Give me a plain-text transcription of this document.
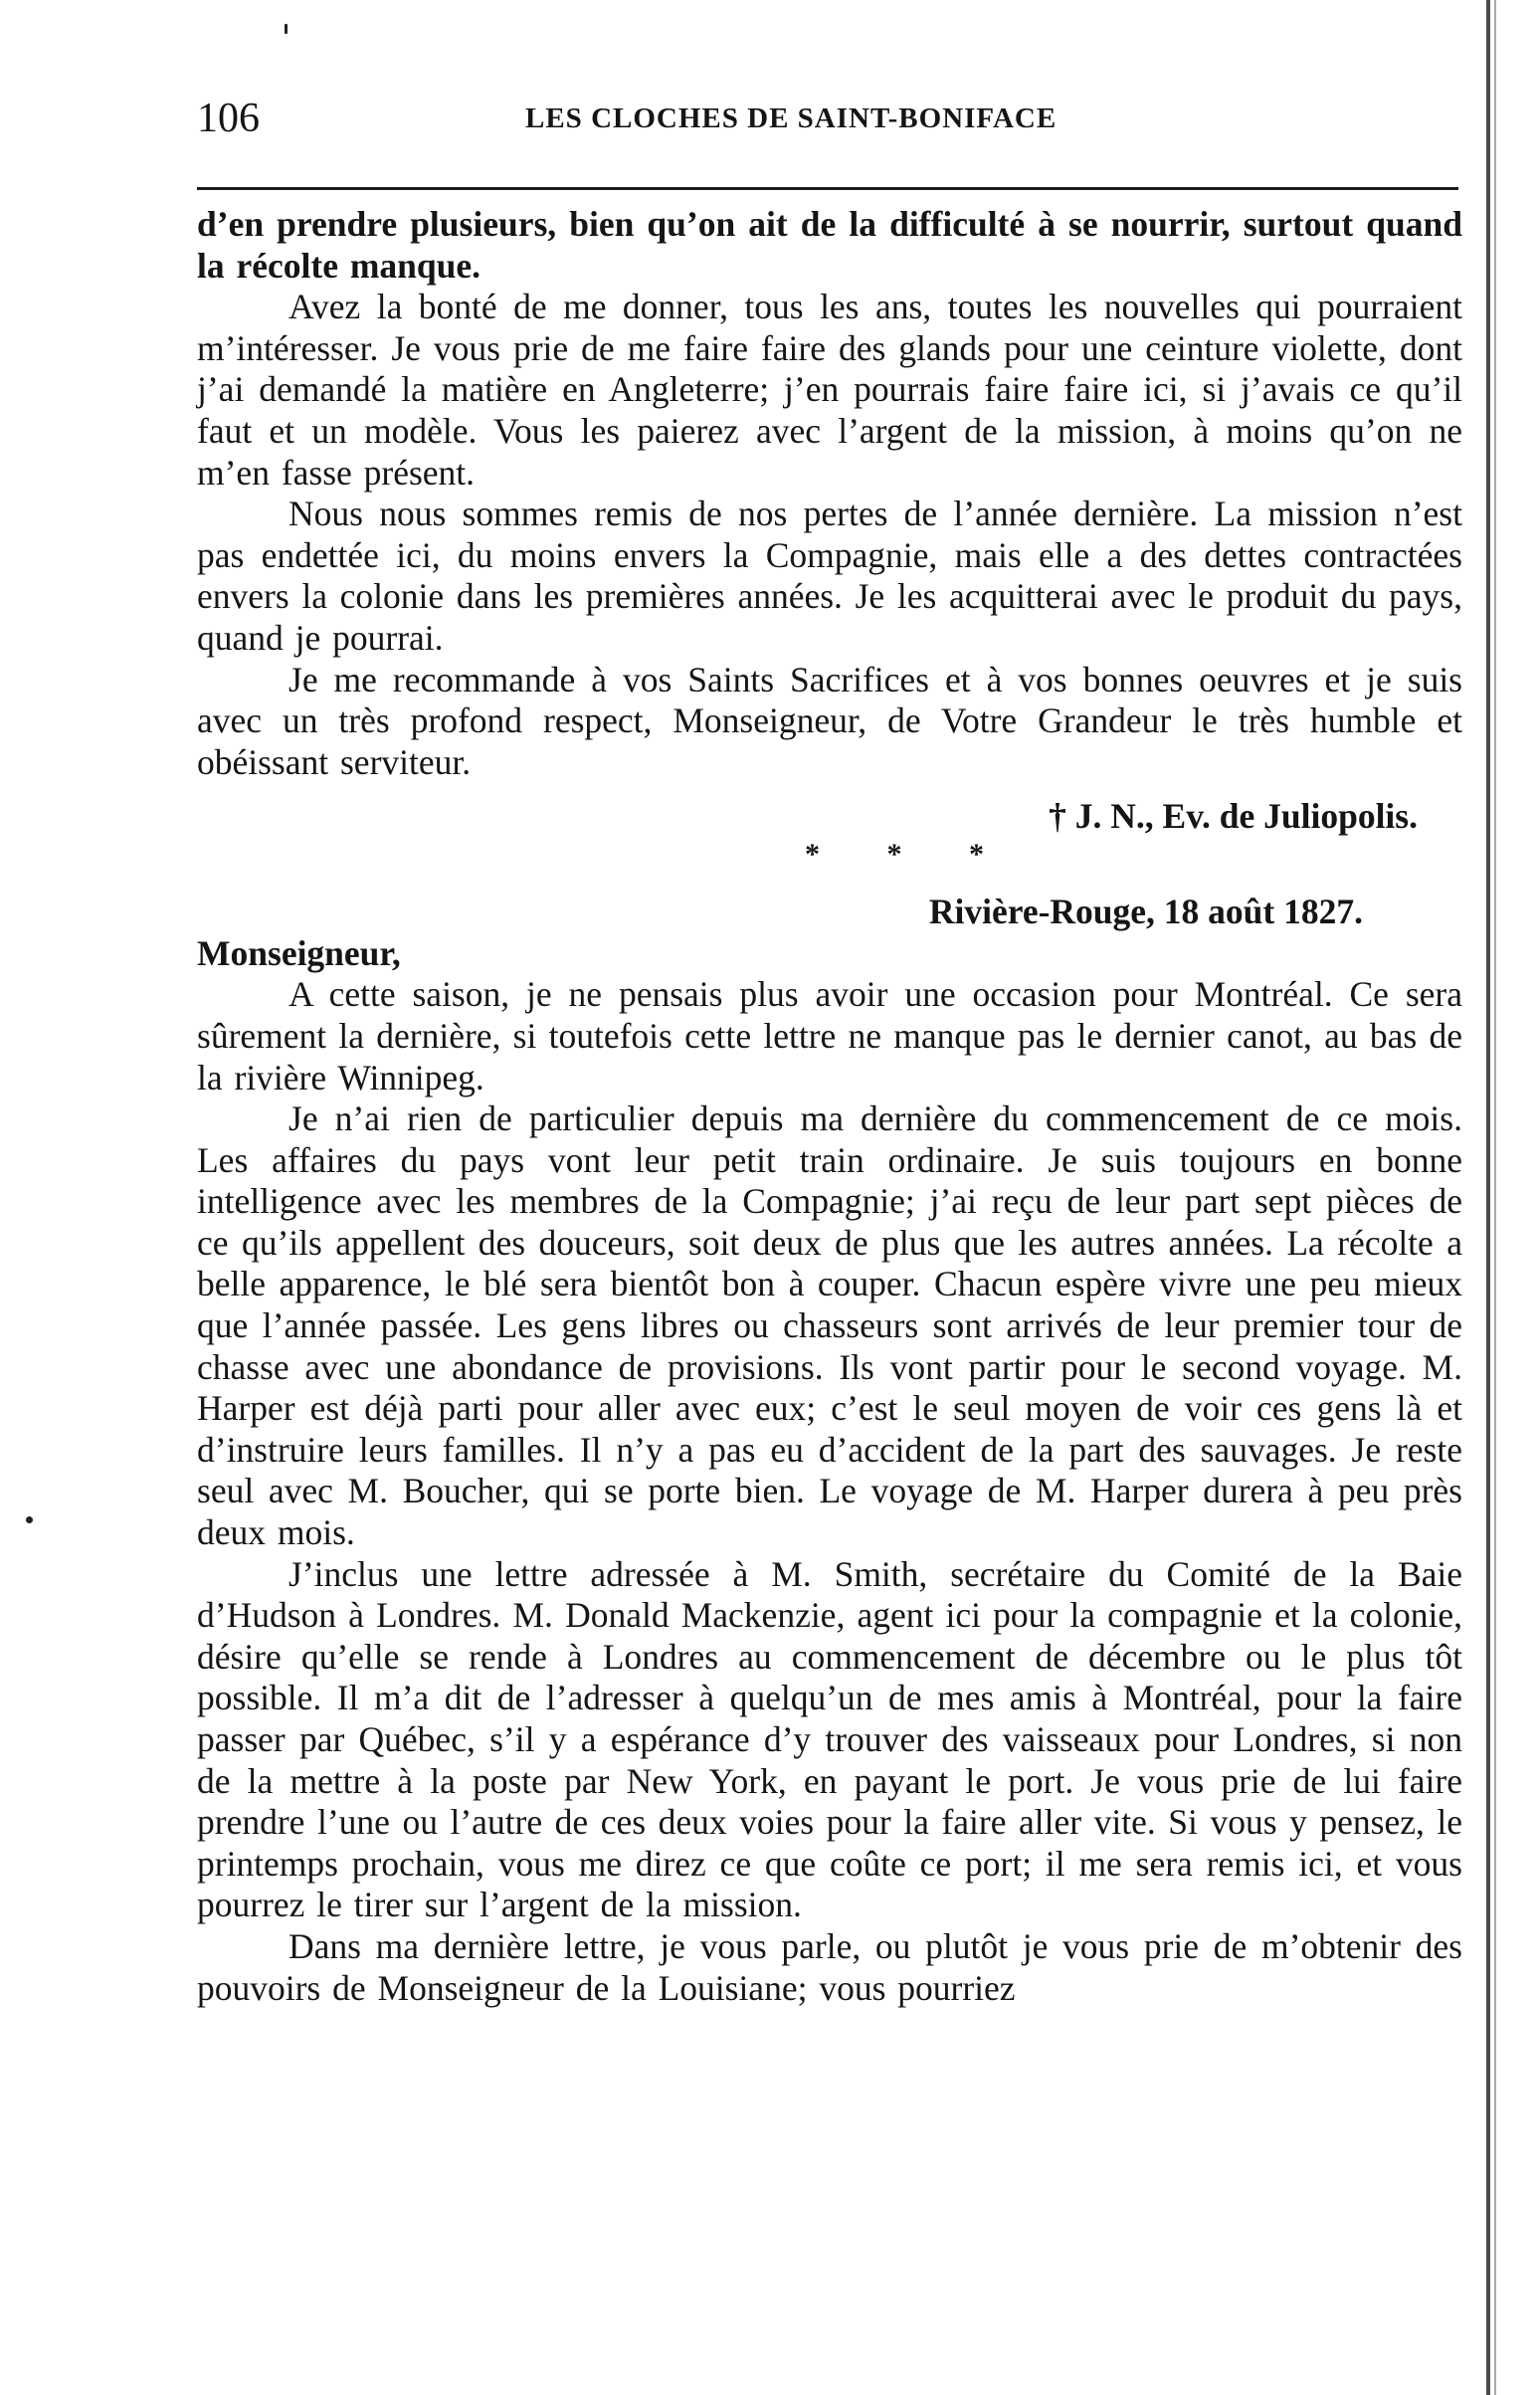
106	LES CLOCHES DE SAINT-BONIFACE

d’en prendre plusieurs, bien qu’on ait de la difficulté à se nourrir, surtout quand la récolte manque.

Avez la bonté de me donner, tous les ans, toutes les nouvelles qui pourraient m’intéresser. Je vous prie de me faire faire des glands pour une ceinture violette, dont j’ai demandé la matière en Angleterre; j’en pourrais faire faire ici, si j’avais ce qu’il faut et un modèle. Vous les paierez avec l’argent de la mission, à moins qu’on ne m’en fasse présent.

Nous nous sommes remis de nos pertes de l’année dernière. La mission n’est pas endettée ici, du moins envers la Compagnie, mais elle a des dettes contractées envers la colonie dans les premières années. Je les acquitterai avec le produit du pays, quand je pourrai.

Je me recommande à vos Saints Sacrifices et à vos bonnes oeuvres et je suis avec un très profond respect, Monseigneur, de Votre Grandeur le très humble et obéissant serviteur.

† J. N., Ev. de Juliopolis.

* * *

Rivière-Rouge, 18 août 1827.

Monseigneur,

A cette saison, je ne pensais plus avoir une occasion pour Montréal. Ce sera sûrement la dernière, si toutefois cette lettre ne manque pas le dernier canot, au bas de la rivière Winnipeg.

Je n’ai rien de particulier depuis ma dernière du commencement de ce mois. Les affaires du pays vont leur petit train ordinaire. Je suis toujours en bonne intelligence avec les membres de la Compagnie; j’ai reçu de leur part sept pièces de ce qu’ils appellent des douceurs, soit deux de plus que les autres années. La récolte a belle apparence, le blé sera bientôt bon à couper. Chacun espère vivre une peu mieux que l’année passée. Les gens libres ou chasseurs sont arrivés de leur premier tour de chasse avec une abondance de provisions. Ils vont partir pour le second voyage. M. Harper est déjà parti pour aller avec eux; c’est le seul moyen de voir ces gens là et d’instruire leurs familles. Il n’y a pas eu d’accident de la part des sauvages. Je reste seul avec M. Boucher, qui se porte bien. Le voyage de M. Harper durera à peu près deux mois.

J’inclus une lettre adressée à M. Smith, secrétaire du Comité de la Baie d’Hudson à Londres. M. Donald Mackenzie, agent ici pour la compagnie et la colonie, désire qu’elle se rende à Londres au commencement de décembre ou le plus tôt possible. Il m’a dit de l’adresser à quelqu’un de mes amis à Montréal, pour la faire passer par Québec, s’il y a espérance d’y trouver des vaisseaux pour Londres, si non de la mettre à la poste par New York, en payant le port. Je vous prie de lui faire prendre l’une ou l’autre de ces deux voies pour la faire aller vite. Si vous y pensez, le printemps prochain, vous me direz ce que coûte ce port; il me sera remis ici, et vous pourrez le tirer sur l’argent de la mission.

Dans ma dernière lettre, je vous parle, ou plutôt je vous prie de m’obtenir des pouvoirs de Monseigneur de la Louisiane; vous pourriez
